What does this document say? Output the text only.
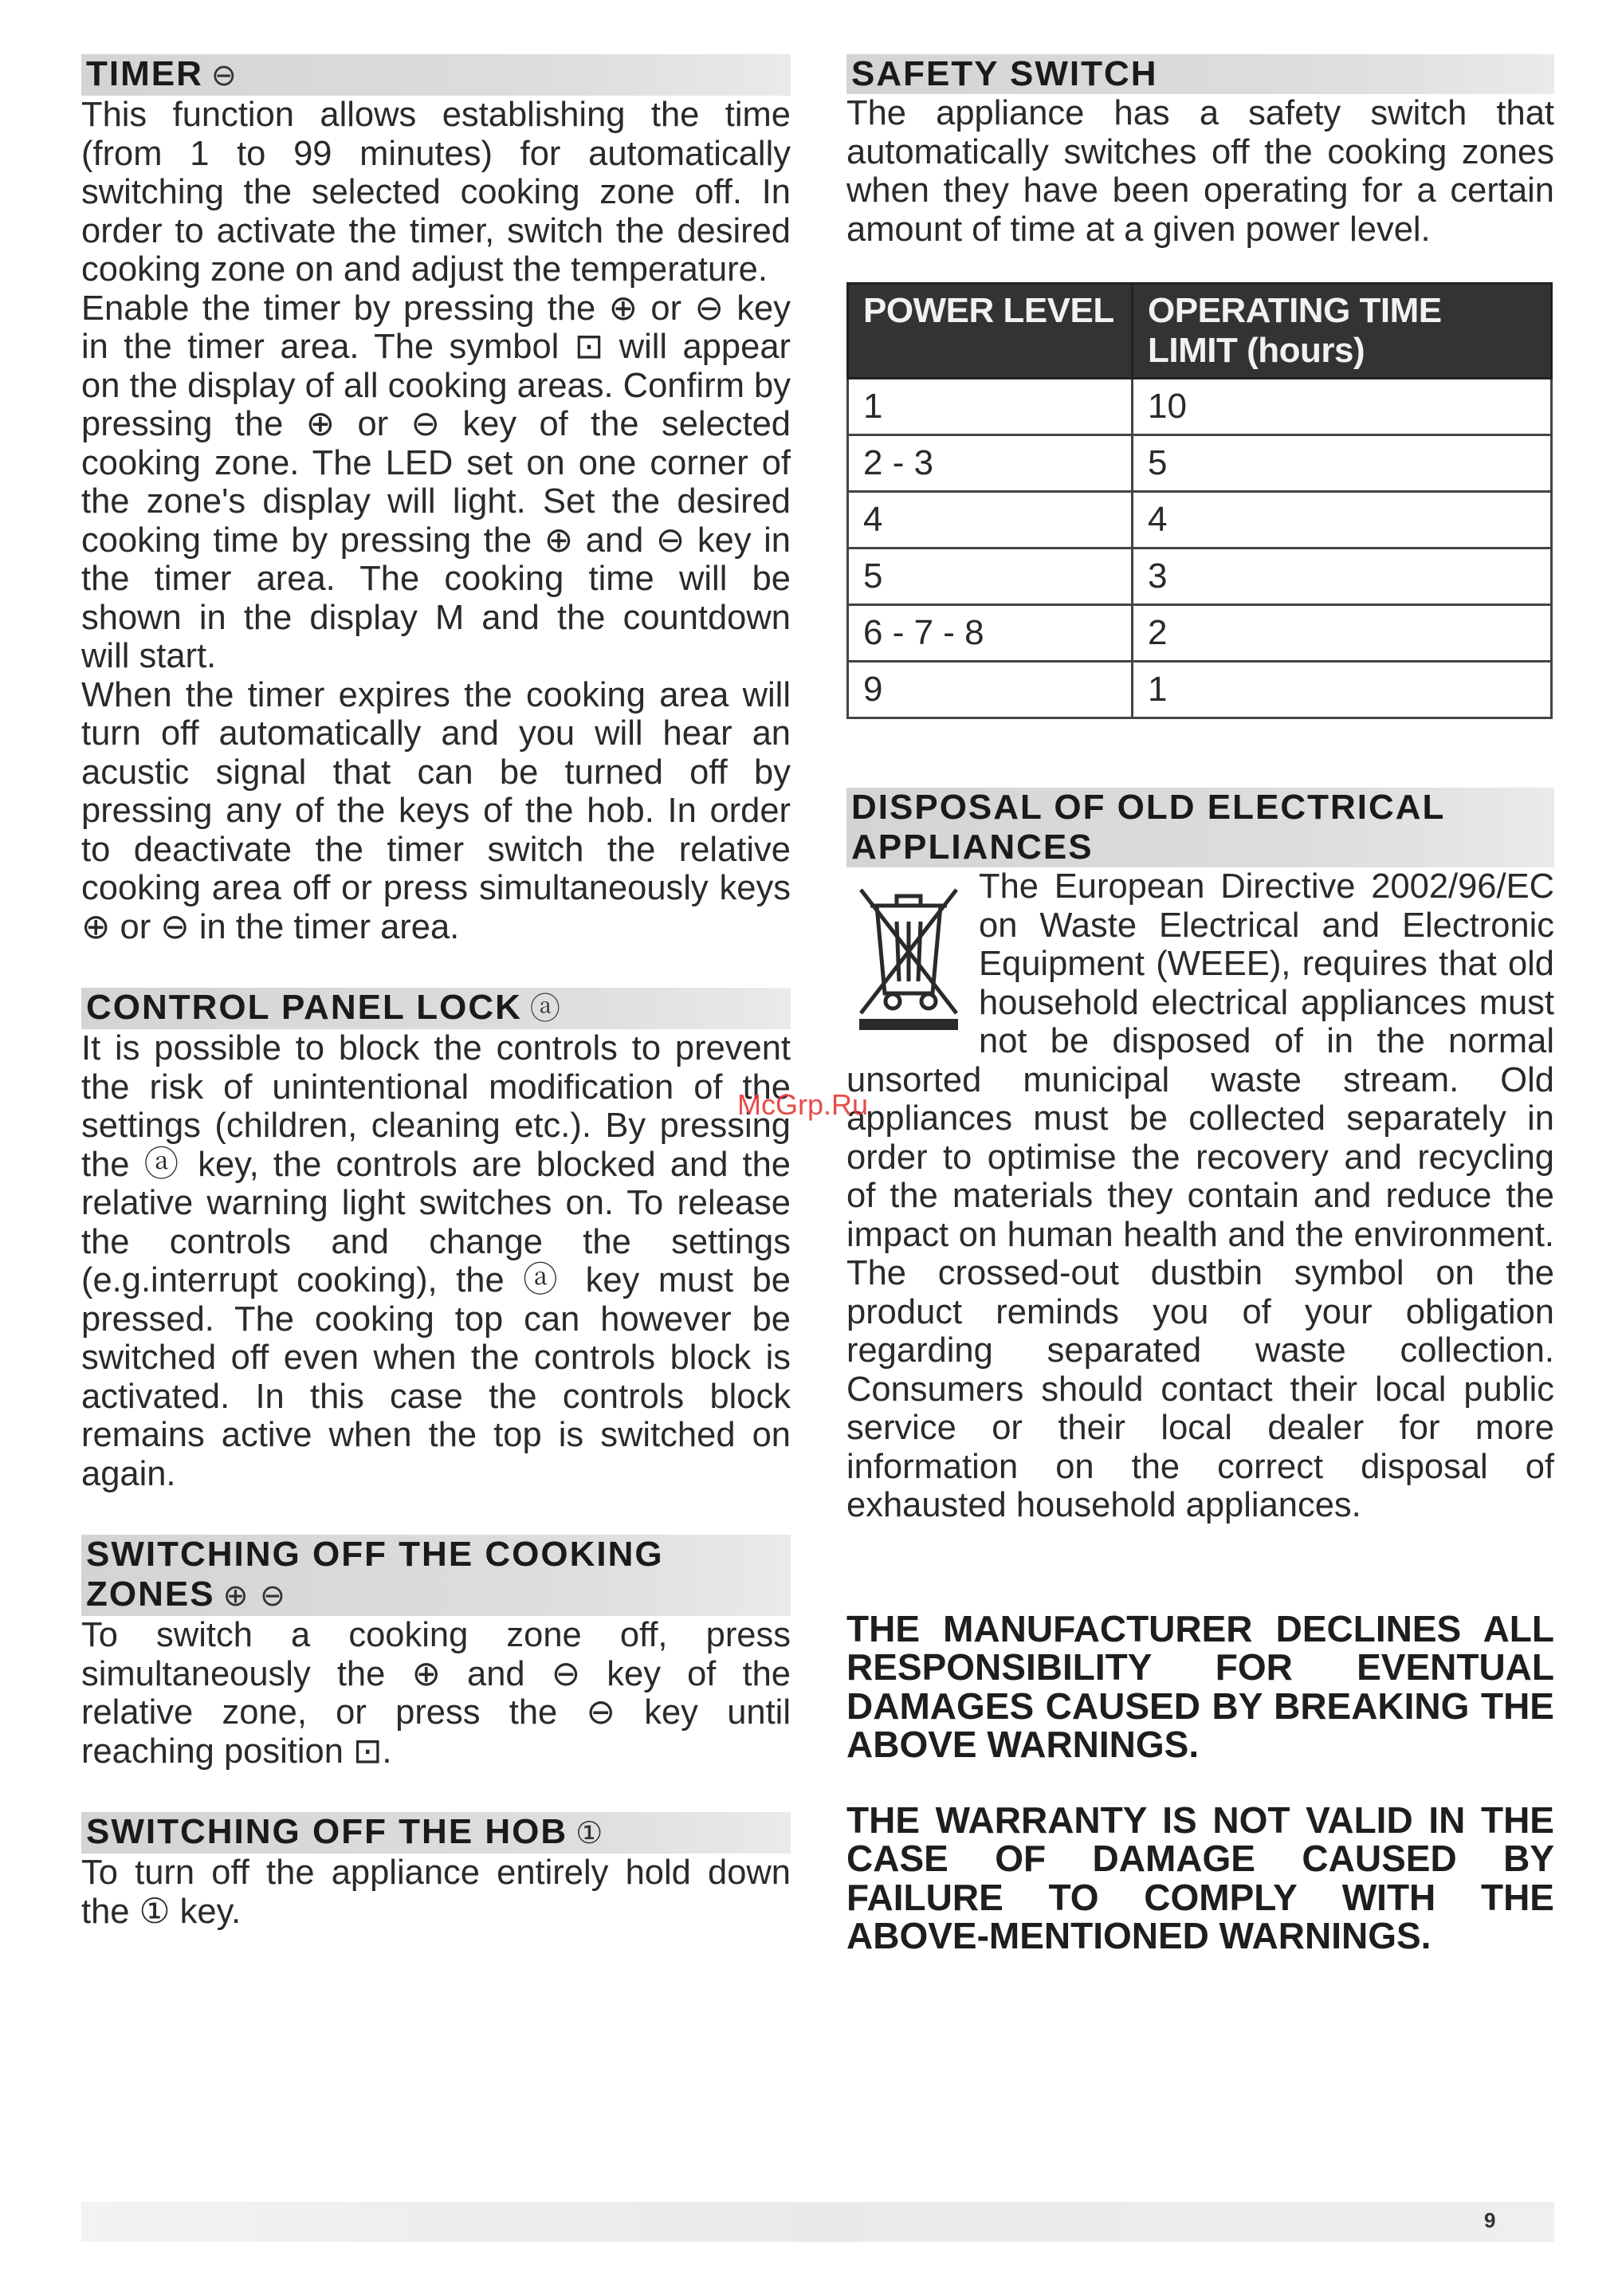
TIMER ⊖

This function allows establishing the time (from 1 to 99 minutes) for automatically switching the selected cooking zone off. In order to activate the timer, switch the desired cooking zone on and adjust the temperature.

Enable the timer by pressing the ⊕ or ⊖ key in the timer area. The symbol ⊡ will appear on the display of all cooking areas. Confirm by pressing the ⊕ or ⊖ key of the selected cooking zone. The LED set on one corner of the zone's display will light. Set the desired cooking time by pressing the ⊕ and ⊖ key in the timer area. The cooking time will be shown in the display M and the countdown will start.

When the timer expires the cooking area will turn off automatically and you will hear an acustic signal that can be turned off by pressing any of the keys of the hob. In order to deactivate the timer switch the relative cooking area off or press simultaneously keys ⊕ or ⊖ in the timer area.

CONTROL PANEL LOCK ⓐ

It is possible to block the controls to prevent the risk of unintentional modification of the settings (children, cleaning etc.). By pressing the ⓐ key, the controls are blocked and the relative warning light switches on. To release the controls and change the settings (e.g.interrupt cooking), the ⓐ key must be pressed. The cooking top can however be switched off even when the controls block is activated. In this case the controls block remains active when the top is switched on again.

SWITCHING OFF THE COOKING ZONES ⊕ ⊖

To switch a cooking zone off, press simultaneously the ⊕ and ⊖ key of the relative zone, or press the ⊖ key until reaching position ⊡.

SWITCHING OFF THE HOB ①

To turn off the appliance entirely hold down the ① key.

SAFETY SWITCH

The appliance has a safety switch that automatically switches off the cooking zones when they have been operating for a certain amount of time at a given power level.

POWER LEVEL	OPERATING TIME LIMIT (hours)
1	10
2 - 3	5
4	4
5	3
6 - 7 - 8	2
9	1
DISPOSAL OF OLD ELECTRICAL APPLIANCES

The European Directive 2002/96/EC on Waste Electrical and Electronic Equipment (WEEE), requires that old household electrical appliances must not be disposed of in the normal unsorted municipal waste stream. Old appliances must be collected separately in order to optimise the recovery and recycling of the materials they contain and reduce the impact on human health and the environment. The crossed-out dustbin symbol on the product reminds you of your obligation regarding separated waste collection. Consumers should contact their local public service or their local dealer for more information on the correct disposal of exhausted household appliances.

THE MANUFACTURER DECLINES ALL RESPONSIBILITY FOR EVENTUAL DAMAGES CAUSED BY BREAKING THE ABOVE WARNINGS.

THE WARRANTY IS NOT VALID IN THE CASE OF DAMAGE CAUSED BY FAILURE TO COMPLY WITH THE ABOVE-MENTIONED WARNINGS.

McGrp.Ru
9
